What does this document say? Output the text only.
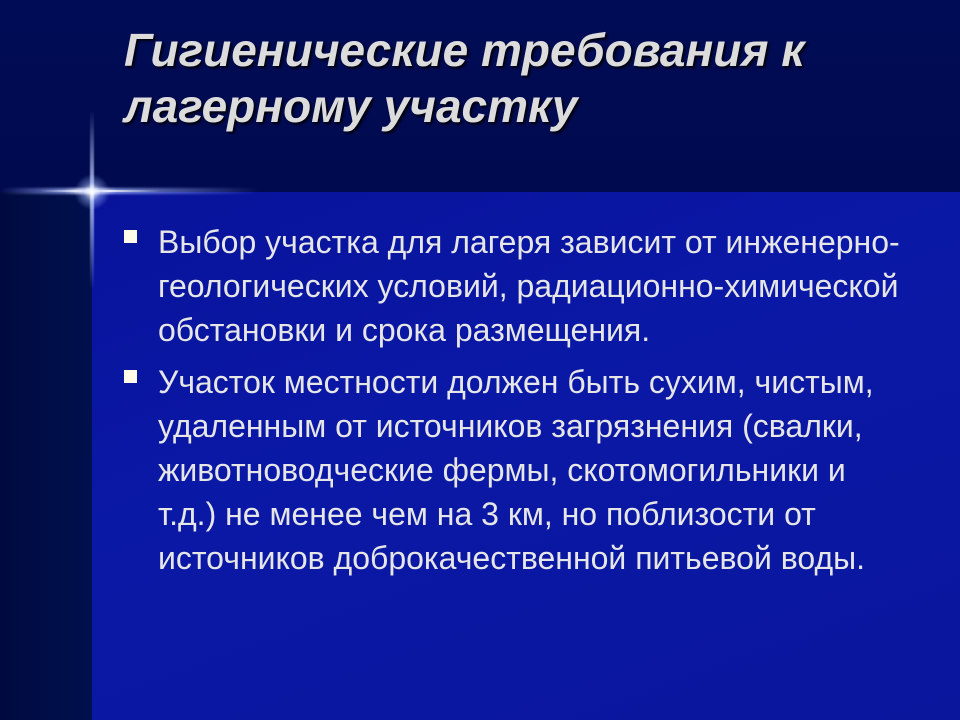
Гигиенические требования к лагерному участку
Выбор участка для лагеря зависит от инженерно-геологических условий, радиационно-химической обстановки и срока размещения.
Участок местности должен быть сухим, чистым, удаленным от источников загрязнения (свалки, животноводческие фермы, скотомогильники и т.д.) не менее чем на 3 км, но поблизости от источников доброкачественной питьевой воды.
